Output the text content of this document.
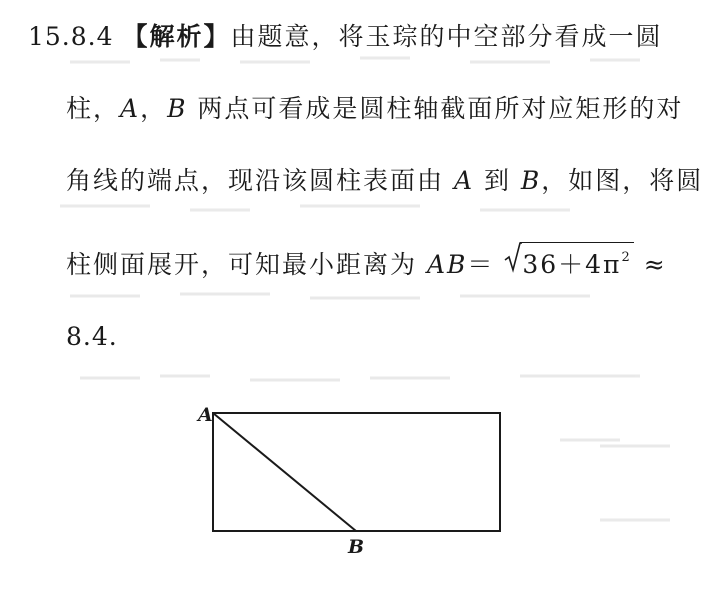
15.8.4 【解析】由题意，将玉琮的中空部分看成一圆
柱，A，B 两点可看成是圆柱轴截面所对应矩形的对
角线的端点，现沿该圆柱表面由 A 到 B，如图，将圆
柱侧面展开，可知最小距离为 AB＝
$36+4\pi^2$ ≈
8.4.
A
B
